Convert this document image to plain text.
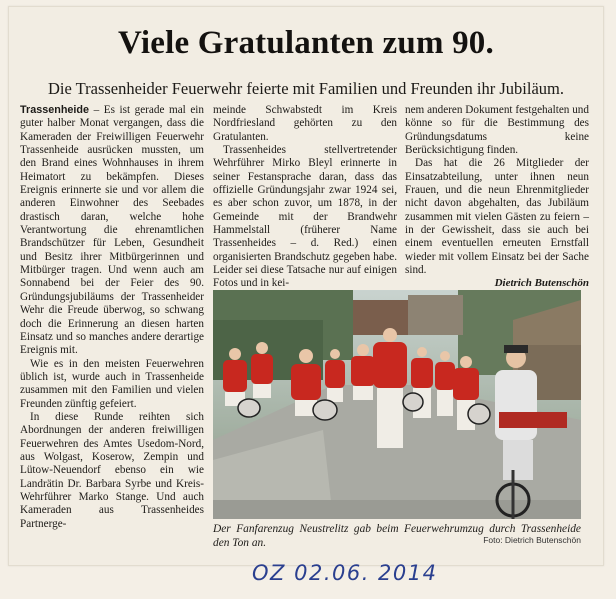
Viele Gratulanten zum 90.
Die Trassenheider Feuerwehr feierte mit Familien und Freunden ihr Jubiläum.

Trassenheide – Es ist gerade mal ein guter halber Monat vergangen, dass die Kameraden der Freiwilligen Feuerwehr Trassenheide ausrücken mussten, um den Brand eines Wohnhauses in ihrem Heimatort zu bekämpfen. Dieses Ereignis erinnerte sie und vor allem die anderen Einwohner des Seebades drastisch daran, welche hohe Verantwortung die ehrenamtlichen Brandschützer für Leben, Gesundheit und Besitz ihrer Mitbürgerinnen und Mitbürger tragen. Und wenn auch am Sonnabend bei der Feier des 90. Gründungsjubiläums der Trassenheider Wehr die Freude überwog, so schwang doch die Erinnerung an diesen harten Einsatz und so manches andere derartige Ereignis mit.

Wie es in den meisten Feuerwehren üblich ist, wurde auch in Trassenheide zusammen mit den Familien und vielen Freunden zünftig gefeiert.

In diese Runde reihten sich Abordnungen der anderen freiwilligen Feuerwehren des Amtes Usedom-Nord, aus Wolgast, Koserow, Zempin und Lütow-Neuendorf ebenso ein wie Landrätin Dr. Barbara Syrbe und Kreis-Wehrführer Marko Stange. Und auch Kameraden aus Trassenheides Partnerge-

meinde Schwabstedt im Kreis Nordfriesland gehörten zu den Gratulanten.

Trassenheides stellvertretender Wehrführer Mirko Bleyl erinnerte in seiner Festansprache daran, dass das offizielle Gründungsjahr zwar 1924 sei, es aber schon zuvor, um 1878, in der Gemeinde mit der Brandwehr Hammelstall (früherer Name Trassenheides – d. Red.) einen organisierten Brandschutz gegeben habe. Leider sei diese Tatsache nur auf einigen Fotos und in kei-

nem anderen Dokument festgehalten und könne so für die Bestimmung des Gründungsdatums keine Berücksichtigung finden.

Das hat die 26 Mitglieder der Einsatzabteilung, unter ihnen neun Frauen, und die neun Ehrenmitglieder nicht davon abgehalten, das Jubiläum zusammen mit vielen Gästen zu feiern – in der Gewissheit, dass sie auch bei einem eventuellen erneuten Ernstfall wieder mit vollem Einsatz bei der Sache sind.

Dietrich Butenschön
Der Fanfarenzug Neustrelitz gab beim Feuerwehrumzug durch Trassenheide den Ton an.	Foto: Dietrich Butenschön
OZ 02.06. 2014
